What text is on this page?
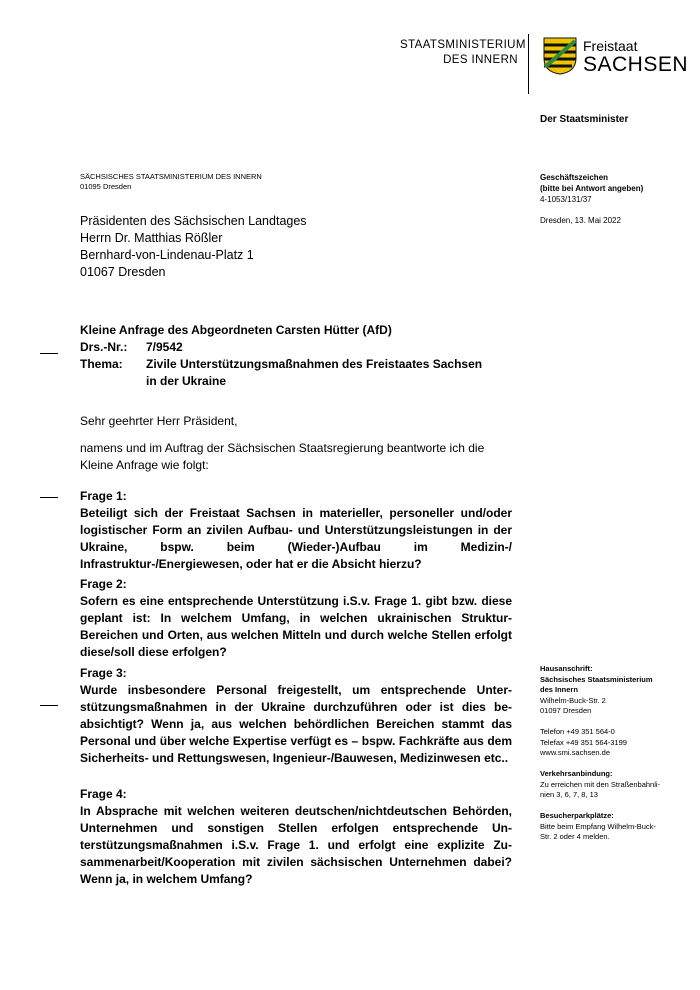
STAATSMINISTERIUM
DES INNERN
Freistaat
SACHSEN
Der Staatsminister
SÄCHSISCHES STAATSMINISTERIUM DES INNERN
01095 Dresden
Geschäftszeichen
(bitte bei Antwort angeben)
4-1053/131/37
Dresden, 13. Mai 2022
Präsidenten des Sächsischen Landtages
Herrn Dr. Matthias Rößler
Bernhard-von-Lindenau-Platz 1
01067 Dresden
Kleine Anfrage des Abgeordneten Carsten Hütter (AfD)
Drs.-Nr.: 7/9542
Thema: Zivile Unterstützungsmaßnahmen des Freistaates Sachsen
in der Ukraine
Sehr geehrter Herr Präsident,
namens und im Auftrag der Sächsischen Staatsregierung beantworte ich die Kleine Anfrage wie folgt:
Frage 1:
Beteiligt sich der Freistaat Sachsen in materieller, personeller und/oder logistischer Form an zivilen Aufbau- und Unterstützungsleistungen in der Ukraine, bspw. beim (Wieder-)Aufbau im Medizin-/ Infrastruktur-/Energiewesen, oder hat er die Absicht hierzu?
Frage 2:
Sofern es eine entsprechende Unterstützung i.S.v. Frage 1. gibt bzw. diese geplant ist: In welchem Umfang, in welchen ukrainischen Struktur-Bereichen und Orten, aus welchen Mitteln und durch welche Stellen erfolgt diese/soll diese erfolgen?
Frage 3:
Wurde insbesondere Personal freigestellt, um entsprechende Unterstützungsmaßnahmen in der Ukraine durchzuführen oder ist dies beabsichtigt? Wenn ja, aus welchen behördlichen Bereichen stammt das Personal und über welche Expertise verfügt es – bspw. Fachkräfte aus dem Sicherheits- und Rettungswesen, Ingenieur-/Bauwesen, Medizinwesen etc..
Frage 4:
In Absprache mit welchen weiteren deutschen/nichtdeutschen Behörden, Unternehmen und sonstigen Stellen erfolgen entsprechende Unterstützungsmaßnahmen i.S.v. Frage 1. und erfolgt eine explizite Zusammenarbeit/Kooperation mit zivilen sächsischen Unternehmen dabei? Wenn ja, in welchem Umfang?
Hausanschrift:
Sächsisches Staatsministerium
des Innern
Wilhelm-Buck-Str. 2
01097 Dresden
Telefon +49 351 564-0
Telefax +49 351 564-3199
www.smi.sachsen.de
Verkehrsanbindung:
Zu erreichen mit den Straßenbahnli-
nien 3, 6, 7, 8, 13
Besucherparkplätze:
Bitte beim Empfang Wilhelm-Buck-
Str. 2 oder 4 melden.
